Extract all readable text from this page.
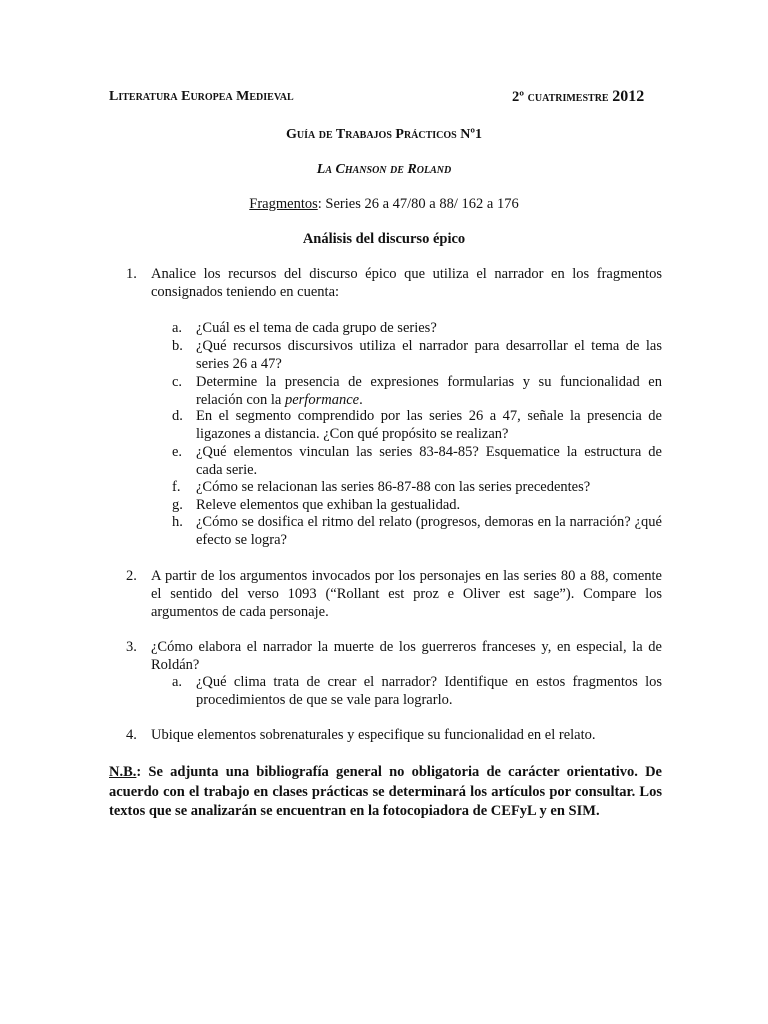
Literatura Europea Medieval	2º cuatrimestre 2012
Guía de Trabajos Prácticos Nº1
La Chanson de Roland
Fragmentos: Series 26 a 47/80 a 88/ 162 a 176
Análisis del discurso épico
1. Analice los recursos del discurso épico que utiliza el narrador en los fragmentos consignados teniendo en cuenta:
a. ¿Cuál es el tema de cada grupo de series?
b. ¿Qué recursos discursivos utiliza el narrador para desarrollar el tema de las series 26 a 47?
c. Determine la presencia de expresiones formularias y su funcionalidad en relación con la performance.
d. En el segmento comprendido por las series 26 a 47, señale la presencia de ligazones a distancia. ¿Con qué propósito se realizan?
e. ¿Qué elementos vinculan las series 83-84-85? Esquematice la estructura de cada serie.
f. ¿Cómo se relacionan las series 86-87-88 con las series precedentes?
g. Releve elementos que exhiban la gestualidad.
h. ¿Cómo se dosifica el ritmo del relato (progresos, demoras en la narración? ¿qué efecto se logra?
2. A partir de los argumentos invocados por los personajes en las series 80 a 88, comente el sentido del verso 1093 (“Rollant est proz e Oliver est sage”). Compare los argumentos de cada personaje.
3. ¿Cómo elabora el narrador la muerte de los guerreros franceses y, en especial, la de Roldán?
a. ¿Qué clima trata de crear el narrador? Identifique en estos fragmentos los procedimientos de que se vale para lograrlo.
4. Ubique elementos sobrenaturales y especifique su funcionalidad en el relato.
N.B.: Se adjunta una bibliografía general no obligatoria de carácter orientativo. De acuerdo con el trabajo en clases prácticas se determinará los artículos por consultar. Los textos que se analizarán se encuentran en la fotocopiadora de CEFyL y en SIM.
